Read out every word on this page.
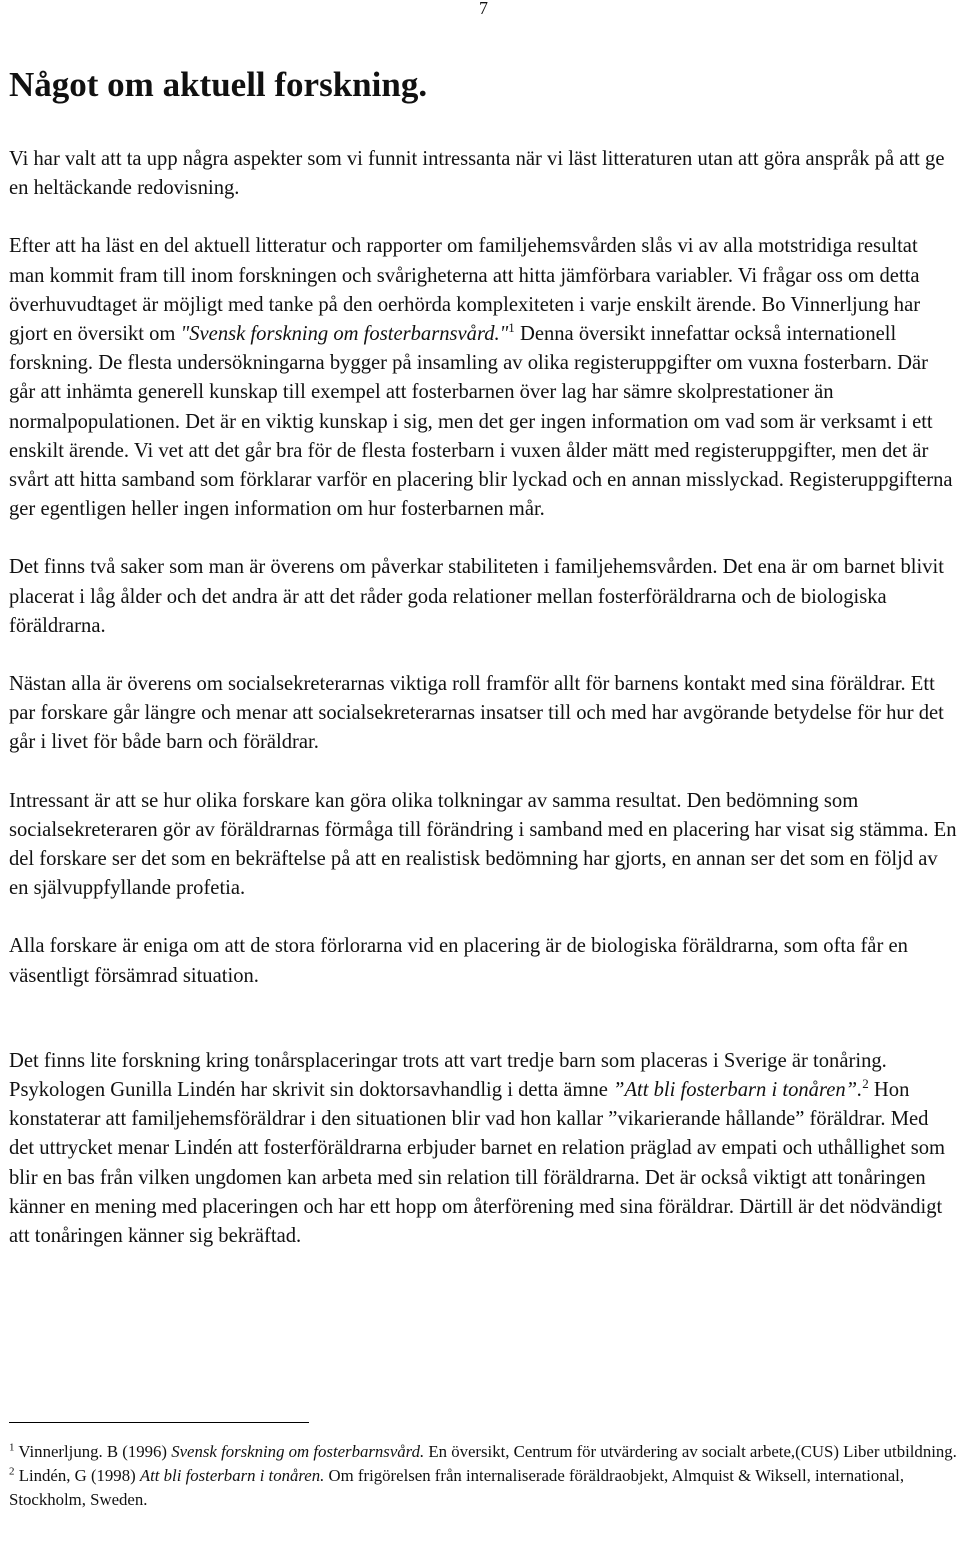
7
Något om aktuell forskning.

Vi har valt att ta upp några aspekter som vi funnit intressanta när vi läst litteraturen utan att göra anspråk på att ge en heltäckande redovisning.

Efter att ha läst en del aktuell litteratur och rapporter om familjehemsvården slås vi av alla motstridiga resultat man kommit fram till inom forskningen och svårigheterna att hitta jämförbara variabler. Vi frågar oss om detta överhuvudtaget är möjligt med tanke på den oerhörda komplexiteten i varje enskilt ärende. Bo Vinnerljung har gjort en översikt om "Svensk forskning om fosterbarnsvård."$^1$ Denna översikt innefattar också internationell forskning. De flesta undersökningarna bygger på insamling av olika registeruppgifter om vuxna fosterbarn. Där går att inhämta generell kunskap till exempel att fosterbarnen över lag har sämre skolprestationer än normalpopulationen. Det är en viktig kunskap i sig, men det ger ingen information om vad som är verksamt i ett enskilt ärende. Vi vet att det går bra för de flesta fosterbarn i vuxen ålder mätt med registeruppgifter, men det är svårt att hitta samband som förklarar varför en placering blir lyckad och en annan misslyckad. Registeruppgifterna ger egentligen heller ingen information om hur fosterbarnen mår.

Det finns två saker som man är överens om påverkar stabiliteten i familjehemsvården. Det ena är om barnet blivit placerat i låg ålder och det andra är att det råder goda relationer mellan fosterföräldrarna och de biologiska föräldrarna.

Nästan alla är överens om socialsekreterarnas viktiga roll framför allt för barnens kontakt med sina föräldrar. Ett par forskare går längre och menar att socialsekreterarnas insatser till och med har avgörande betydelse för hur det går i livet för både barn och föräldrar.

Intressant är att se hur olika forskare kan göra olika tolkningar av samma resultat. Den bedömning som socialsekreteraren gör av föräldrarnas förmåga till förändring i samband med en placering har visat sig stämma. En del forskare ser det som en bekräftelse på att en realistisk bedömning har gjorts, en annan ser det som en följd av en självuppfyllande profetia.

Alla forskare är eniga om att de stora förlorarna vid en placering är de biologiska föräldrarna, som ofta får en väsentligt försämrad situation.

Det finns lite forskning kring tonårsplaceringar trots att vart tredje barn som placeras i Sverige är tonåring. Psykologen Gunilla Lindén har skrivit sin doktorsavhandlig i detta ämne ”Att bli fosterbarn i tonåren”.$^2$ Hon konstaterar att familjehemsföräldrar i den situationen blir vad hon kallar ”vikarierande hållande” föräldrar. Med det uttrycket menar Lindén att fosterföräldrarna erbjuder barnet en relation präglad av empati och uthållighet som blir en bas från vilken ungdomen kan arbeta med sin relation till föräldrarna. Det är också viktigt att tonåringen känner en mening med placeringen och har ett hopp om återförening med sina föräldrar. Därtill är det nödvändigt att tonåringen känner sig bekräftad.

$^1$ Vinnerljung. B (1996) Svensk forskning om fosterbarnsvård. En översikt, Centrum för utvärdering av socialt arbete,(CUS) Liber utbildning.

$^2$ Lindén, G (1998) Att bli fosterbarn i tonåren. Om frigörelsen från internaliserade föräldraobjekt, Almquist & Wiksell, international, Stockholm, Sweden.
